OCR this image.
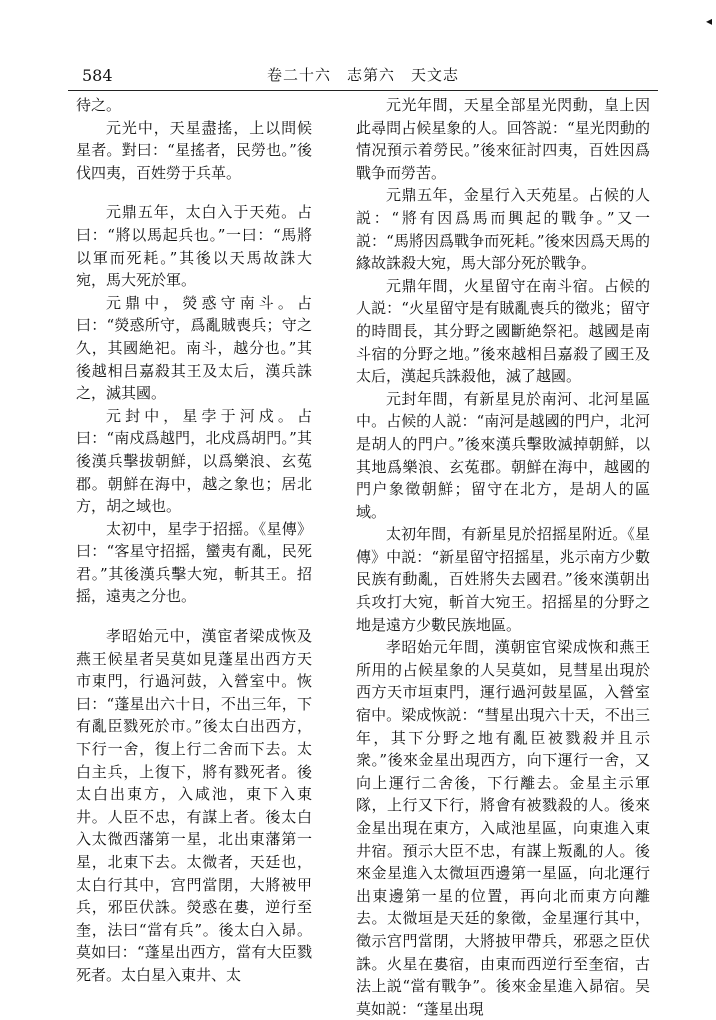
584	卷二十六　志第六　天文志
◂

待之。

元光中，天星盡搖，上以問候星者。對曰：“星搖者，民勞也。”後伐四夷，百姓勞于兵革。

元鼎五年，太白入于天苑。占曰：“將以馬起兵也。”一曰：“馬將以軍而死耗。”其後以天馬故誅大宛，馬大死於軍。

元鼎中，熒惑守南斗。占曰：“熒惑所守，爲亂賊喪兵；守之久，其國絶祀。南斗，越分也。”其後越相吕嘉殺其王及太后，漢兵誅之，滅其國。

元封中，星孛于河戍。占曰：“南戍爲越門，北戍爲胡門。”其後漢兵擊拔朝鮮，以爲樂浪、玄菟郡。朝鮮在海中，越之象也；居北方，胡之域也。

太初中，星孛于招摇。《星傳》曰：“客星守招摇，蠻夷有亂，民死君。”其後漢兵擊大宛，斬其王。招摇，遠夷之分也。

孝昭始元中，漢宦者梁成恢及燕王候星者吴莫如見蓬星出西方天市東門，行過河鼓，入營室中。恢曰：“蓬星出六十日，不出三年，下有亂臣戮死於市。”後太白出西方，下行一舍，復上行二舍而下去。太白主兵，上復下，將有戮死者。後太白出東方，入咸池，東下入東井。人臣不忠，有謀上者。後太白入太微西藩第一星，北出東藩第一星，北東下去。太微者，天廷也，太白行其中，宫門當閉，大將被甲兵，邪臣伏誅。熒惑在婁，逆行至奎，法曰“當有兵”。後太白入昴。莫如曰：“蓬星出西方，當有大臣戮死者。太白星入東井、太

元光年間，天星全部星光閃動，皇上因此尋問占候星象的人。回答説：“星光閃動的情况預示着勞民。”後來征討四夷，百姓因爲戰争而勞苦。

元鼎五年，金星行入天苑星。占候的人説：“將有因爲馬而興起的戰争。”又一説：“馬將因爲戰争而死耗。”後來因爲天馬的緣故誅殺大宛，馬大部分死於戰争。

元鼎年間，火星留守在南斗宿。占候的人説：“火星留守是有賊亂喪兵的徵兆；留守的時間長，其分野之國斷絶祭祀。越國是南斗宿的分野之地。”後來越相吕嘉殺了國王及太后，漢起兵誅殺他，滅了越國。

元封年間，有新星見於南河、北河星區中。占候的人説：“南河是越國的門户，北河是胡人的門户。”後來漢兵擊敗滅掉朝鮮，以其地爲樂浪、玄菟郡。朝鮮在海中，越國的門户象徵朝鮮；留守在北方，是胡人的區域。

太初年間，有新星見於招摇星附近。《星傳》中説：“新星留守招摇星，兆示南方少數民族有動亂，百姓將失去國君。”後來漢朝出兵攻打大宛，斬首大宛王。招摇星的分野之地是遠方少數民族地區。

孝昭始元年間，漢朝宦官梁成恢和燕王所用的占候星象的人吴莫如，見彗星出現於西方天市垣東門，運行過河鼓星區，入營室宿中。梁成恢説：“彗星出現六十天，不出三年，其下分野之地有亂臣被戮殺并且示衆。”後來金星出現西方，向下運行一舍，又向上運行二舍後，下行離去。金星主示軍隊，上行又下行，將會有被戮殺的人。後來金星出現在東方，入咸池星區，向東進入東井宿。預示大臣不忠，有謀上叛亂的人。後來金星進入太微垣西邊第一星區，向北運行出東邊第一星的位置，再向北而東方向離去。太微垣是天廷的象徵，金星運行其中，徵示宫門當閉，大將披甲帶兵，邪惡之臣伏誅。火星在婁宿，由東而西逆行至奎宿，古法上説“當有戰争”。後來金星進入昴宿。吴莫如説：“蓬星出現
